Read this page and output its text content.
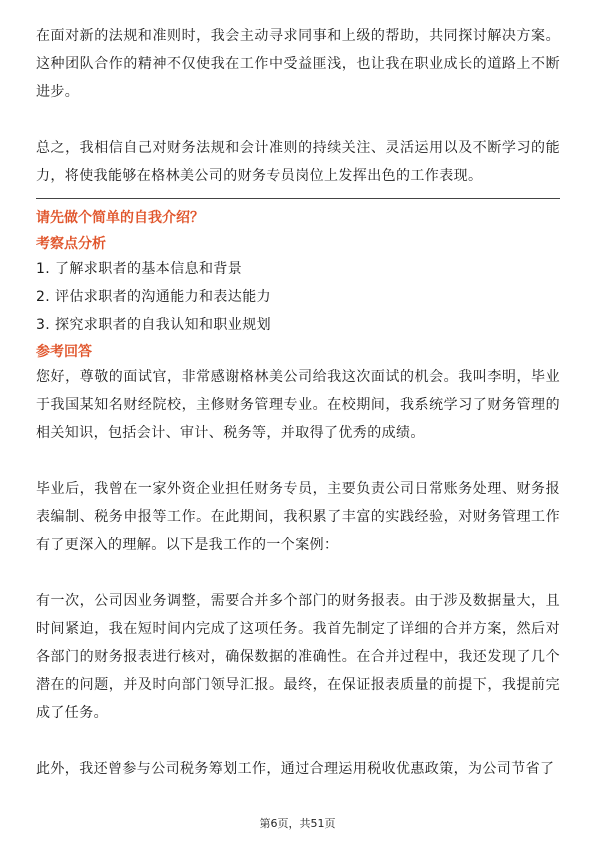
在面对新的法规和准则时，我会主动寻求同事和上级的帮助，共同探讨解决方案。这种团队合作的精神不仅使我在工作中受益匪浅，也让我在职业成长的道路上不断进步。

总之，我相信自己对财务法规和会计准则的持续关注、灵活运用以及不断学习的能力，将使我能够在格林美公司的财务专员岗位上发挥出色的工作表现。

请先做个简单的自我介绍？

考察点分析

1. 了解求职者的基本信息和背景

2. 评估求职者的沟通能力和表达能力

3. 探究求职者的自我认知和职业规划

参考回答

您好，尊敬的面试官，非常感谢格林美公司给我这次面试的机会。我叫李明，毕业于我国某知名财经院校，主修财务管理专业。在校期间，我系统学习了财务管理的相关知识，包括会计、审计、税务等，并取得了优秀的成绩。

毕业后，我曾在一家外资企业担任财务专员，主要负责公司日常账务处理、财务报表编制、税务申报等工作。在此期间，我积累了丰富的实践经验，对财务管理工作有了更深入的理解。以下是我工作的一个案例：

有一次，公司因业务调整，需要合并多个部门的财务报表。由于涉及数据量大，且时间紧迫，我在短时间内完成了这项任务。我首先制定了详细的合并方案，然后对各部门的财务报表进行核对，确保数据的准确性。在合并过程中，我还发现了几个潜在的问题，并及时向部门领导汇报。最终，在保证报表质量的前提下，我提前完成了任务。

此外，我还曾参与公司税务筹划工作，通过合理运用税收优惠政策，为公司节省了

第6页，共51页
